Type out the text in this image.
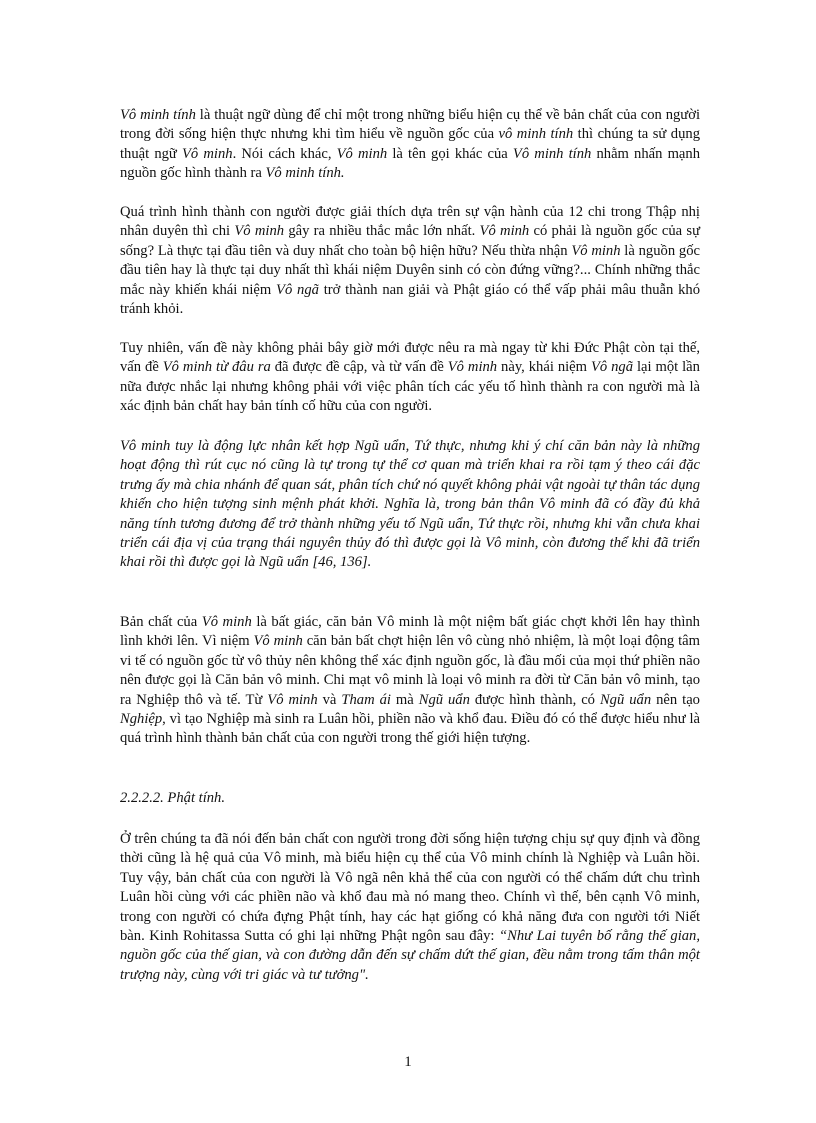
Vô minh tính là thuật ngữ dùng để chỉ một trong những biểu hiện cụ thể về bản chất của con người trong đời sống hiện thực nhưng khi tìm hiểu về nguồn gốc của vô minh tính thì chúng ta sử dụng thuật ngữ Vô minh. Nói cách khác, Vô minh là tên gọi khác của Vô minh tính nhằm nhấn mạnh nguồn gốc hình thành ra Vô minh tính.

Quá trình hình thành con người được giải thích dựa trên sự vận hành của 12 chi trong Thập nhị nhân duyên thì chi Vô minh gây ra nhiều thắc mắc lớn nhất. Vô minh có phải là nguồn gốc của sự sống? Là thực tại đầu tiên và duy nhất cho toàn bộ hiện hữu? Nếu thừa nhận Vô minh là nguồn gốc đầu tiên hay là thực tại duy nhất thì khái niệm Duyên sinh có còn đứng vững?... Chính những thắc mắc này khiến khái niệm Vô ngã trở thành nan giải và Phật giáo có thể vấp phải mâu thuẫn khó tránh khỏi.

Tuy nhiên, vấn đề này không phải bây giờ mới được nêu ra mà ngay từ khi Đức Phật còn tại thế, vấn đề Vô minh từ đâu ra đã được đề cập, và từ vấn đề Vô minh này, khái niệm Vô ngã lại một lần nữa được nhắc lại nhưng không phải với việc phân tích các yếu tố hình thành ra con người mà là xác định bản chất hay bản tính cố hữu của con người.

Vô minh tuy là động lực nhân kết hợp Ngũ uẩn, Tứ thực, nhưng khi ý chí căn bản này là những hoạt động thì rút cục nó cũng là tự trong tự thể cơ quan mà triển khai ra rồi tạm ý theo cái đặc trưng ấy mà chia nhánh để quan sát, phân tích chứ nó quyết không phải vật ngoài tự thân tác dụng khiến cho hiện tượng sinh mệnh phát khởi. Nghĩa là, trong bản thân Vô minh đã có đầy đủ khả năng tính tương đương để trở thành những yếu tố Ngũ uẩn, Tứ thực rồi, nhưng khi vẫn chưa khai triển cái địa vị của trạng thái nguyên thủy đó thì được gọi là Vô minh, còn đương thể khi đã triển khai rồi thì được gọi là Ngũ uẩn [46, 136].

Bản chất của Vô minh là bất giác, căn bản Vô minh là một niệm bất giác chợt khởi lên hay thình lình khởi lên. Vì niệm Vô minh căn bản bất chợt hiện lên vô cùng nhỏ nhiệm, là một loại động tâm vi tế có nguồn gốc từ vô thủy nên không thể xác định nguồn gốc, là đầu mối của mọi thứ phiền não nên được gọi là Căn bản vô minh. Chi mạt vô minh là loại vô minh ra đời từ Căn bản vô minh, tạo ra Nghiệp thô và tế. Từ Vô minh và Tham ái mà Ngũ uẩn được hình thành, có Ngũ uẩn nên tạo Nghiệp, vì tạo Nghiệp mà sinh ra Luân hồi, phiền não và khổ đau. Điều đó có thể được hiểu như là quá trình hình thành bản chất của con người trong thế giới hiện tượng.

2.2.2.2. Phật tính.

Ở trên chúng ta đã nói đến bản chất con người trong đời sống hiện tượng chịu sự quy định và đồng thời cũng là hệ quả của Vô minh, mà biểu hiện cụ thể của Vô minh chính là Nghiệp và Luân hồi. Tuy vậy, bản chất của con người là Vô ngã nên khả thể của con người có thể chấm dứt chu trình Luân hồi cùng với các phiền não và khổ đau mà nó mang theo. Chính vì thế, bên cạnh Vô minh, trong con người có chứa đựng Phật tính, hay các hạt giống có khả năng đưa con người tới Niết bàn. Kinh Rohitassa Sutta có ghi lại những Phật ngôn sau đây: “Như Lai tuyên bố rằng thế gian, nguồn gốc của thế gian, và con đường dẫn đến sự chấm dứt thế gian, đều nằm trong tấm thân một trượng này, cùng với tri giác và tư tưởng".

1
